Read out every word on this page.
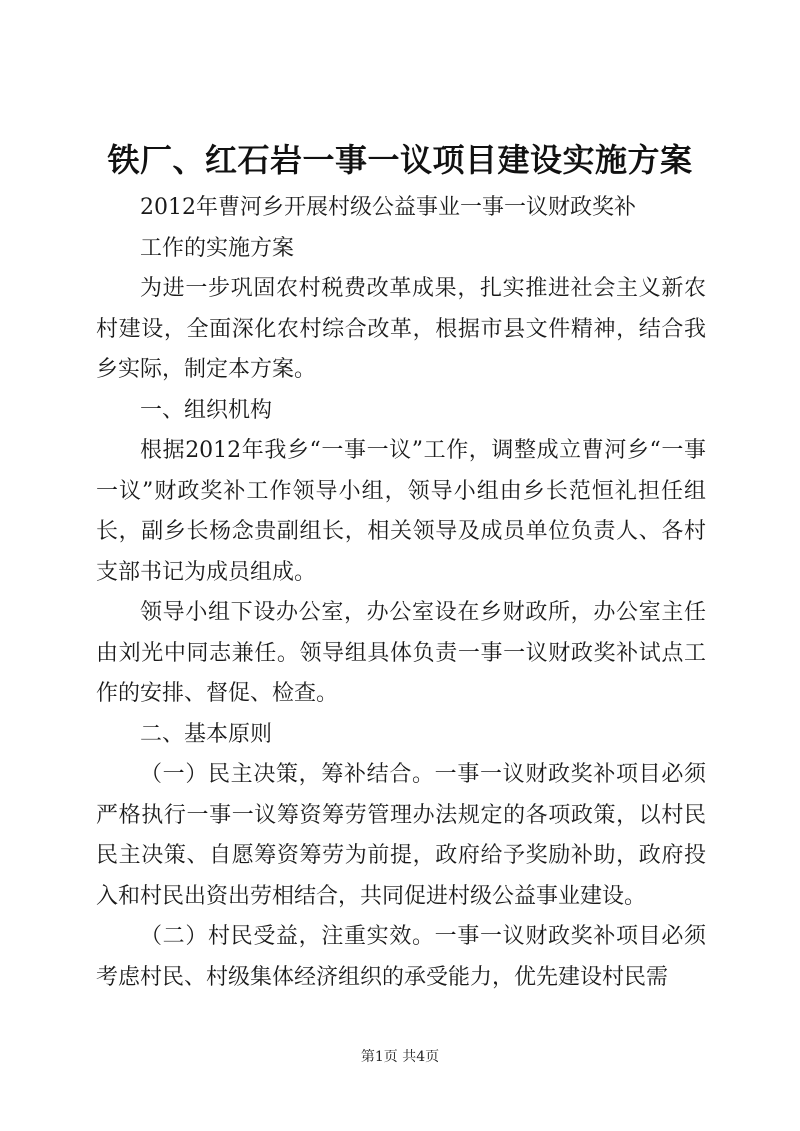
铁厂、红石岩一事一议项目建设实施方案

2012年曹河乡开展村级公益事业一事一议财政奖补

工作的实施方案

为进一步巩固农村税费改革成果，扎实推进社会主义新农村建设，全面深化农村综合改革，根据市县文件精神，结合我乡实际，制定本方案。

一、组织机构

根据2012年我乡“一事一议”工作，调整成立曹河乡“一事一议”财政奖补工作领导小组，领导小组由乡长范恒礼担任组长，副乡长杨念贵副组长，相关领导及成员单位负责人、各村支部书记为成员组成。

领导小组下设办公室，办公室设在乡财政所，办公室主任由刘光中同志兼任。领导组具体负责一事一议财政奖补试点工作的安排、督促、检查。

二、基本原则

（一）民主决策，筹补结合。一事一议财政奖补项目必须严格执行一事一议筹资筹劳管理办法规定的各项政策，以村民民主决策、自愿筹资筹劳为前提，政府给予奖励补助，政府投入和村民出资出劳相结合，共同促进村级公益事业建设。

（二）村民受益，注重实效。一事一议财政奖补项目必须考虑村民、村级集体经济组织的承受能力，优先建设村民需

第1页 共4页
